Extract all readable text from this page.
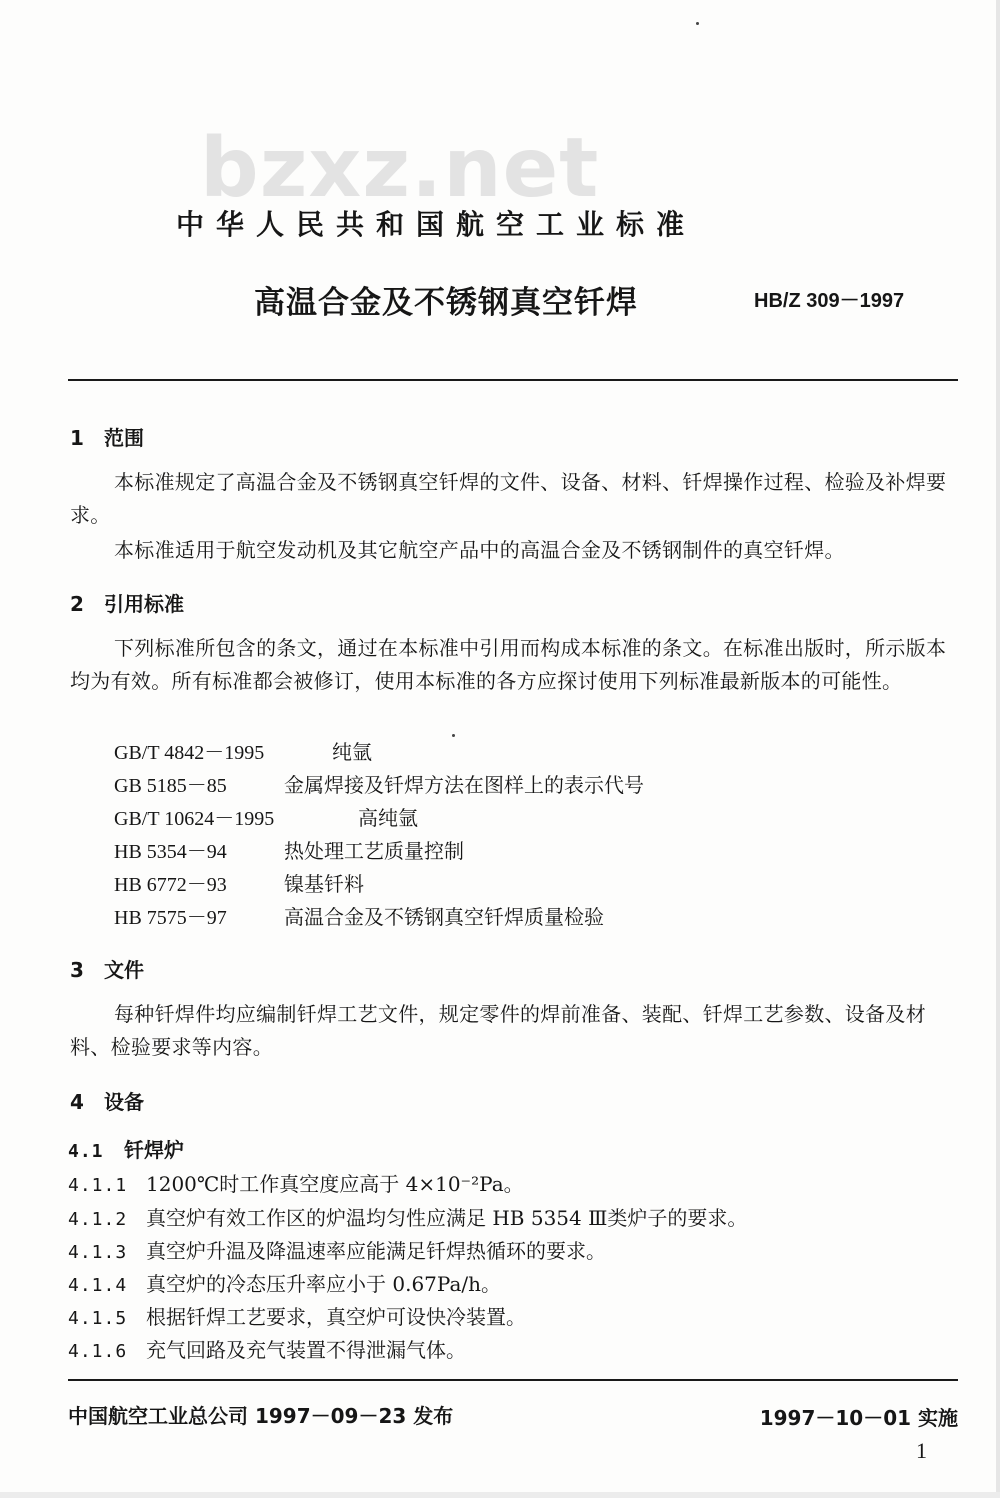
bzxz.net
中华人民共和国航空工业标准
高温合金及不锈钢真空钎焊	HB/Z 309－1997
1 范围
本标准规定了高温合金及不锈钢真空钎焊的文件、设备、材料、钎焊操作过程、检验及补焊要求。
本标准适用于航空发动机及其它航空产品中的高温合金及不锈钢制件的真空钎焊。
2 引用标准
下列标准所包含的条文，通过在本标准中引用而构成本标准的条文。在标准出版时，所示版本均为有效。所有标准都会被修订，使用本标准的各方应探讨使用下列标准最新版本的可能性。
GB/T 4842－1995	纯氩
GB 5185－85	金属焊接及钎焊方法在图样上的表示代号
GB/T 10624－1995	高纯氩
HB 5354－94	热处理工艺质量控制
HB 6772－93	镍基钎料
HB 7575－97	高温合金及不锈钢真空钎焊质量检验
3 文件
每种钎焊件均应编制钎焊工艺文件，规定零件的焊前准备、装配、钎焊工艺参数、设备及材料、检验要求等内容。
4 设备
4.1 钎焊炉
4.1.1 1200℃时工作真空度应高于 4×10⁻²Pa。
4.1.2 真空炉有效工作区的炉温均匀性应满足 HB 5354 Ⅲ类炉子的要求。
4.1.3 真空炉升温及降温速率应能满足钎焊热循环的要求。
4.1.4 真空炉的冷态压升率应小于 0.67Pa/h。
4.1.5 根据钎焊工艺要求，真空炉可设快冷装置。
4.1.6 充气回路及充气装置不得泄漏气体。
中国航空工业总公司 1997－09－23 发布	1997－10－01 实施
1
